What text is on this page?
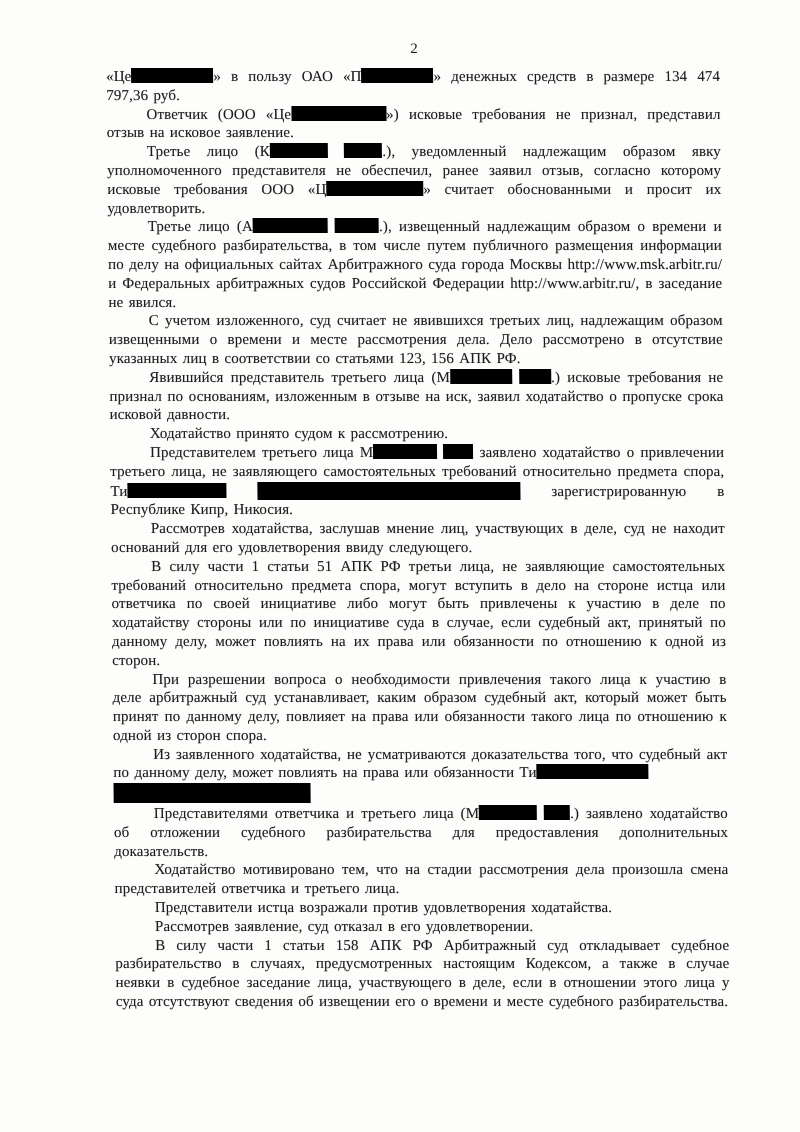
2

«Це	» в пользу ОАО «П	» денежных средств в размере 134 474 797,36 руб.

Ответчик (ООО «Це	») исковые требования не признал, представил отзыв на исковое заявление.

Третье лицо (К	.), уведомленный надлежащим образом явку уполномоченного представителя не обеспечил, ранее заявил отзыв, согласно которому исковые требования ООО «Ц	» считает обоснованными и просит их удовлетворить.

Третье лицо (А	.), извещенный надлежащим образом о времени и месте судебного разбирательства, в том числе путем публичного размещения информации по делу на официальных сайтах Арбитражного суда города Москвы http://www.msk.arbitr.ru/ и Федеральных арбитражных судов Российской Федерации http://www.arbitr.ru/, в заседание не явился.

С учетом изложенного, суд считает не явившихся третьих лиц, надлежащим образом извещенными о времени и месте рассмотрения дела. Дело рассмотрено в отсутствие указанных лиц в соответствии со статьями 123, 156 АПК РФ.

Явившийся представитель третьего лица (М	.) исковые требования не признал по основаниям, изложенным в отзыве на иск, заявил ходатайство о пропуске срока исковой давности.

Ходатайство принято судом к рассмотрению.

Представителем третьего лица М	заявлено ходатайство о привлечении третьего лица, не заявляющего самостоятельных требований относительно предмета спора, Ти	зарегистрированную в Республике Кипр, Никосия.

Рассмотрев ходатайства, заслушав мнение лиц, участвующих в деле, суд не находит оснований для его удовлетворения ввиду следующего.

В силу части 1 статьи 51 АПК РФ третьи лица, не заявляющие самостоятельных требований относительно предмета спора, могут вступить в дело на стороне истца или ответчика по своей инициативе либо могут быть привлечены к участию в деле по ходатайству стороны или по инициативе суда в случае, если судебный акт, принятый по данному делу, может повлиять на их права или обязанности по отношению к одной из сторон.

При разрешении вопроса о необходимости привлечения такого лица к участию в деле арбитражный суд устанавливает, каким образом судебный акт, который может быть принят по данному делу, повлияет на права или обязанности такого лица по отношению к одной из сторон спора.

Из заявленного ходатайства, не усматриваются доказательства того, что судебный акт по данному делу, может повлиять на права или обязанности Ти

Представителями ответчика и третьего лица (М	.) заявлено ходатайство об отложении судебного разбирательства для предоставления дополнительных доказательств.

Ходатайство мотивировано тем, что на стадии рассмотрения дела произошла смена представителей ответчика и третьего лица.

Представители истца возражали против удовлетворения ходатайства.

Рассмотрев заявление, суд отказал в его удовлетворении.

В силу части 1 статьи 158 АПК РФ Арбитражный суд откладывает судебное разбирательство в случаях, предусмотренных настоящим Кодексом, а также в случае неявки в судебное заседание лица, участвующего в деле, если в отношении этого лица у суда отсутствуют сведения об извещении его о времени и месте судебного разбирательства.
